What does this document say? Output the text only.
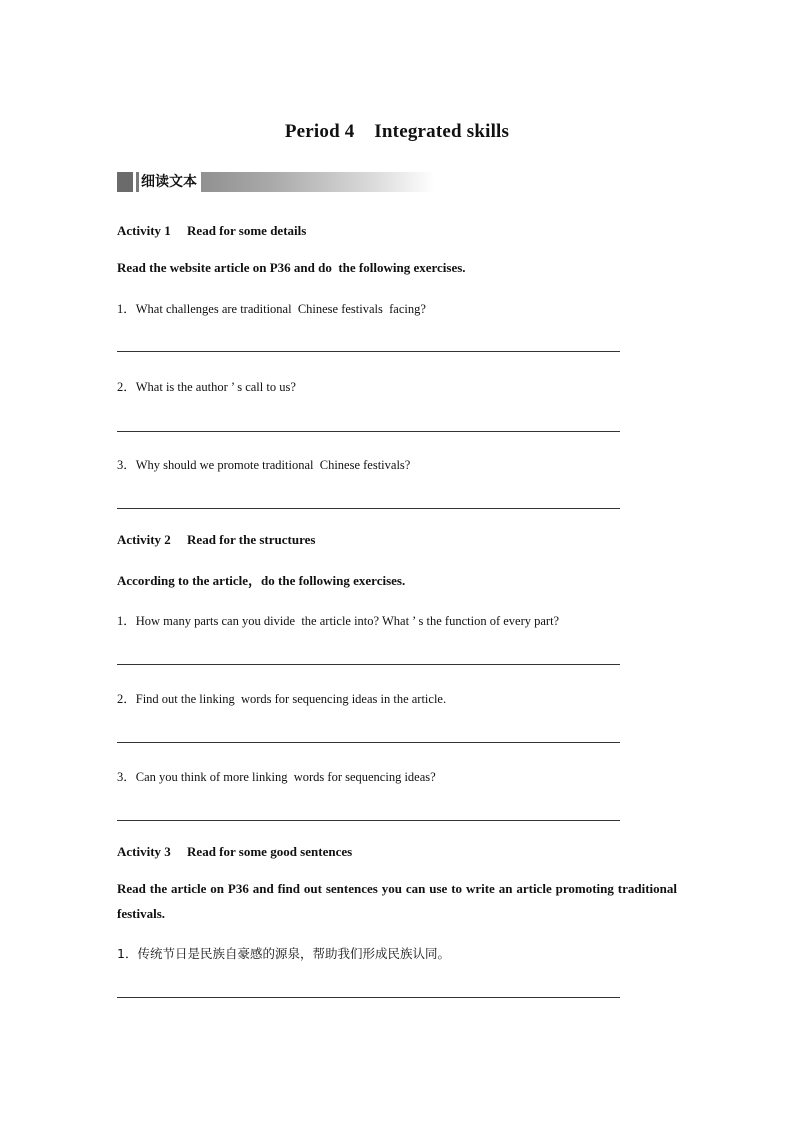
Period 4    Integrated skills
细读文本
Activity 1     Read for some details
Read the website article on P36 and do  the following exercises.
1．What challenges are traditional  Chinese festivals  facing?
2．What is the author ’ s call to us?
3．Why should we promote traditional  Chinese festivals?
Activity 2     Read for the structures
According to the article，do the following exercises.
1．How many parts can you divide  the article into? What ’ s the function of every part?
2．Find out the linking  words for sequencing ideas in the article.
3．Can you think of more linking  words for sequencing ideas?
Activity 3     Read for some good sentences
Read the article on P36 and find out sentences you can use to write an article promoting traditional festivals.
1．传统节日是民族自豪感的源泉，帮助我们形成民族认同。
